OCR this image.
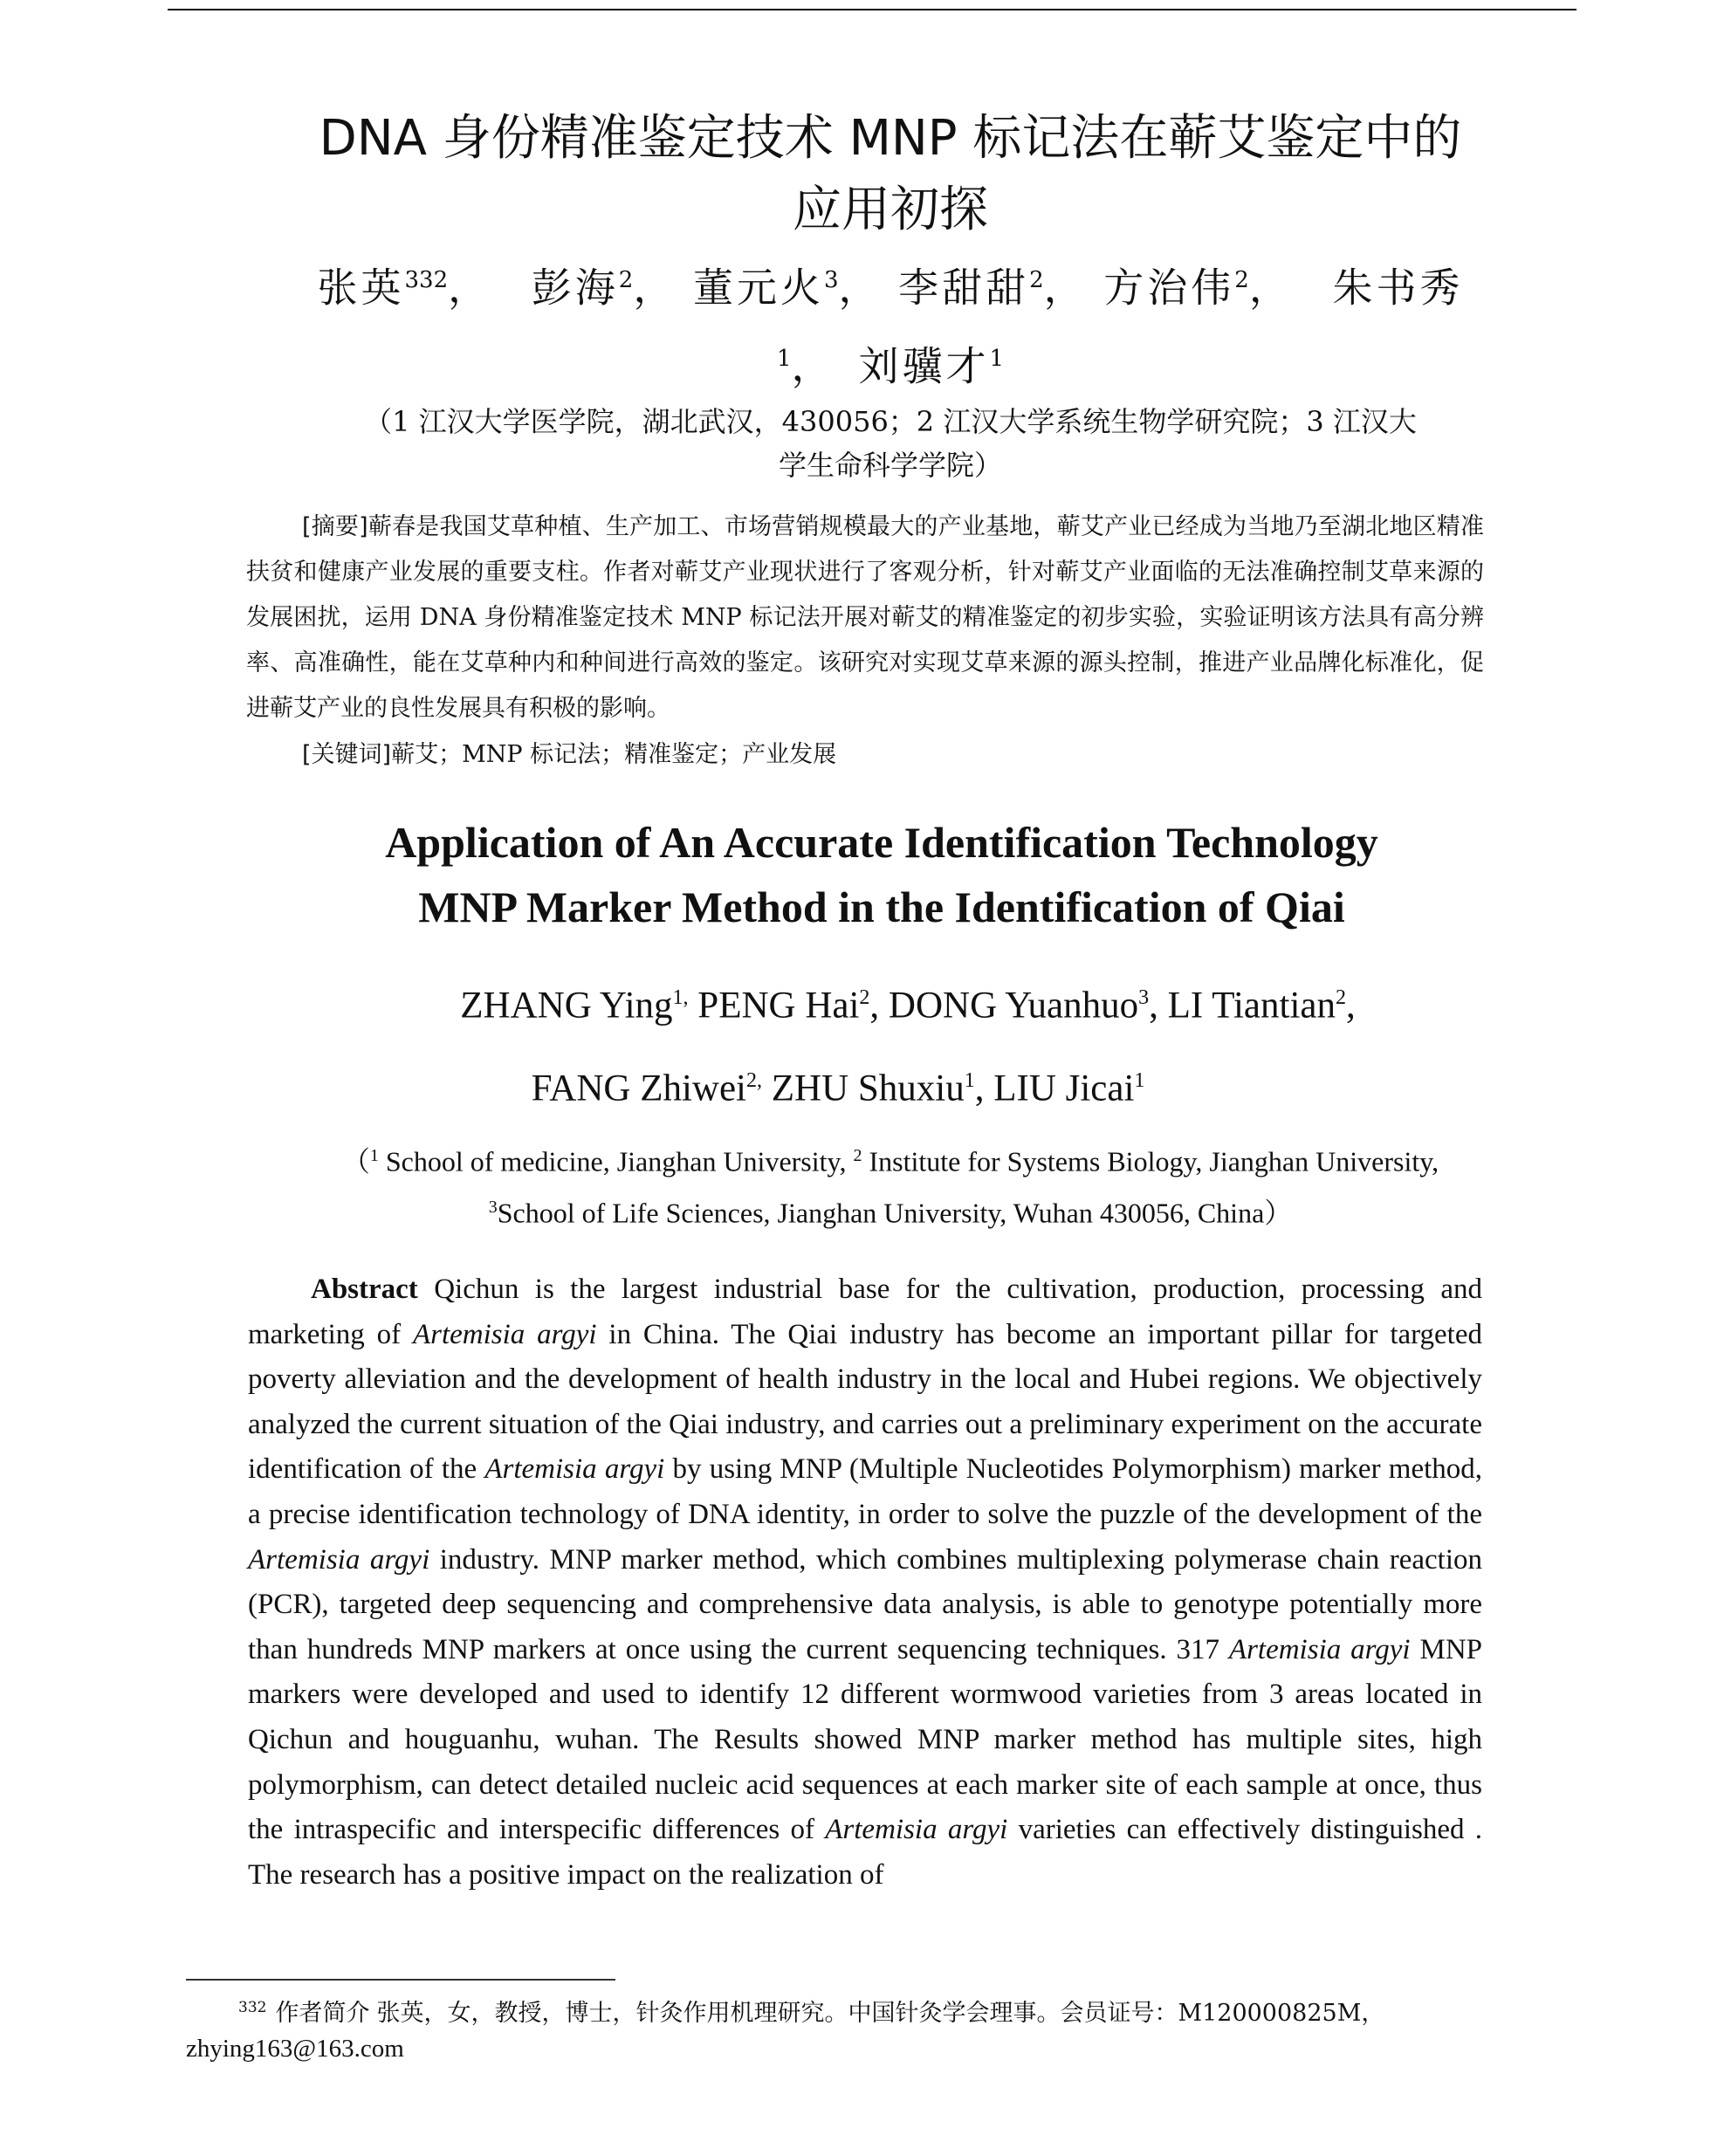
DNA 身份精准鉴定技术 MNP 标记法在蕲艾鉴定中的
应用初探
张英$^{332}$，　 彭海$^2$， 董元火$^3$， 李甜甜$^2$， 方治伟$^2$，　 朱书秀
$^1$，　刘骥才$^1$
（1 江汉大学医学院，湖北武汉，430056；2 江汉大学系统生物学研究院；3 江汉大
学生命科学学院）

[摘要]蕲春是我国艾草种植、生产加工、市场营销规模最大的产业基地，蕲艾产业已经成为当地乃至湖北地区精准扶贫和健康产业发展的重要支柱。作者对蕲艾产业现状进行了客观分析，针对蕲艾产业面临的无法准确控制艾草来源的发展困扰，运用 DNA 身份精准鉴定技术 MNP 标记法开展对蕲艾的精准鉴定的初步实验，实验证明该方法具有高分辨率、高准确性，能在艾草种内和种间进行高效的鉴定。该研究对实现艾草来源的源头控制，推进产业品牌化标准化，促进蕲艾产业的良性发展具有积极的影响。

[关键词]蕲艾；MNP 标记法；精准鉴定；产业发展
Application of An Accurate Identification Technology
MNP Marker Method in the Identification of Qiai
ZHANG Ying$^{1,}$ PENG Hai$^2$, DONG Yuanhuo$^3$, LI Tiantian$^2$,
FANG Zhiwei$^{2,}$ ZHU Shuxiu$^1$, LIU Jicai$^1$
（$^1$ School of medicine, Jianghan University, $^2$ Institute for Systems Biology, Jianghan University, $^3$School of Life Sciences, Jianghan University, Wuhan 430056, China）

Abstract Qichun is the largest industrial base for the cultivation, production, processing and marketing of Artemisia argyi in China. The Qiai industry has become an important pillar for targeted poverty alleviation and the development of health industry in the local and Hubei regions. We objectively analyzed the current situation of the Qiai industry, and carries out a preliminary experiment on the accurate identification of the Artemisia argyi by using MNP (Multiple Nucleotides Polymorphism) marker method, a precise identification technology of DNA identity, in order to solve the puzzle of the development of the Artemisia argyi industry. MNP marker method, which combines multiplexing polymerase chain reaction (PCR), targeted deep sequencing and comprehensive data analysis, is able to genotype potentially more than hundreds MNP markers at once using the current sequencing techniques. 317 Artemisia argyi MNP markers were developed and used to identify 12 different wormwood varieties from 3 areas located in Qichun and houguanhu, wuhan. The Results showed MNP marker method has multiple sites, high polymorphism, can detect detailed nucleic acid sequences at each marker site of each sample at once, thus the intraspecific and interspecific differences of Artemisia argyi varieties can effectively distinguished . The research has a positive impact on the realization of

$^{332}$ 作者简介 张英，女，教授，博士，针灸作用机理研究。中国针灸学会理事。会员证号：M120000825M，
zhying163@163.com
